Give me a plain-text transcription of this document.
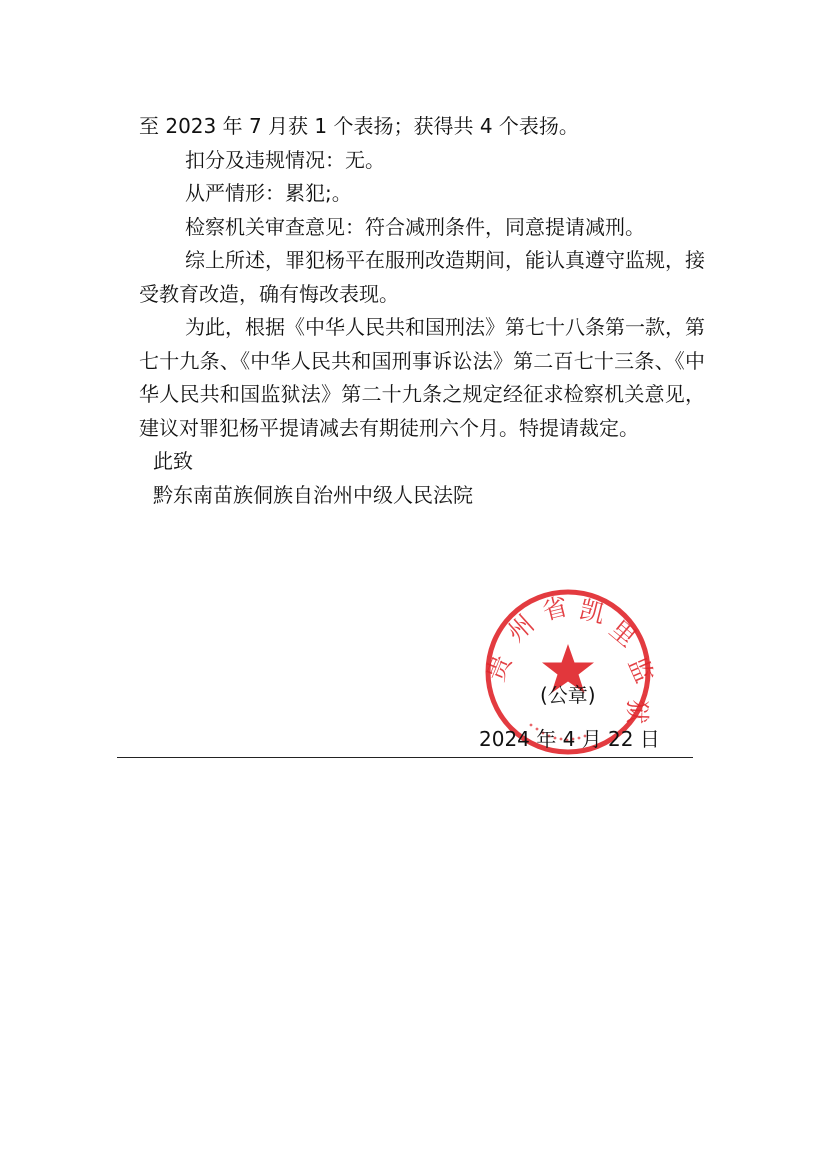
至 2023 年 7 月获 1 个表扬；获得共 4 个表扬。

扣分及违规情况：无。

从严情形：累犯;。

检察机关审查意见：符合减刑条件，同意提请减刑。

综上所述，罪犯杨平在服刑改造期间，能认真遵守监规，接受教育改造，确有悔改表现。

为此，根据《中华人民共和国刑法》第七十八条第一款，第七十九条、《中华人民共和国刑事诉讼法》第二百七十三条、《中华人民共和国监狱法》第二十九条之规定经征求检察机关意见，建议对罪犯杨平提请减去有期徒刑六个月。特提请裁定。

此致

黔东南苗族侗族自治州中级人民法院

贵
州
省 凯
里
监
狱
(公章)
2024 年 4 月 22 日
